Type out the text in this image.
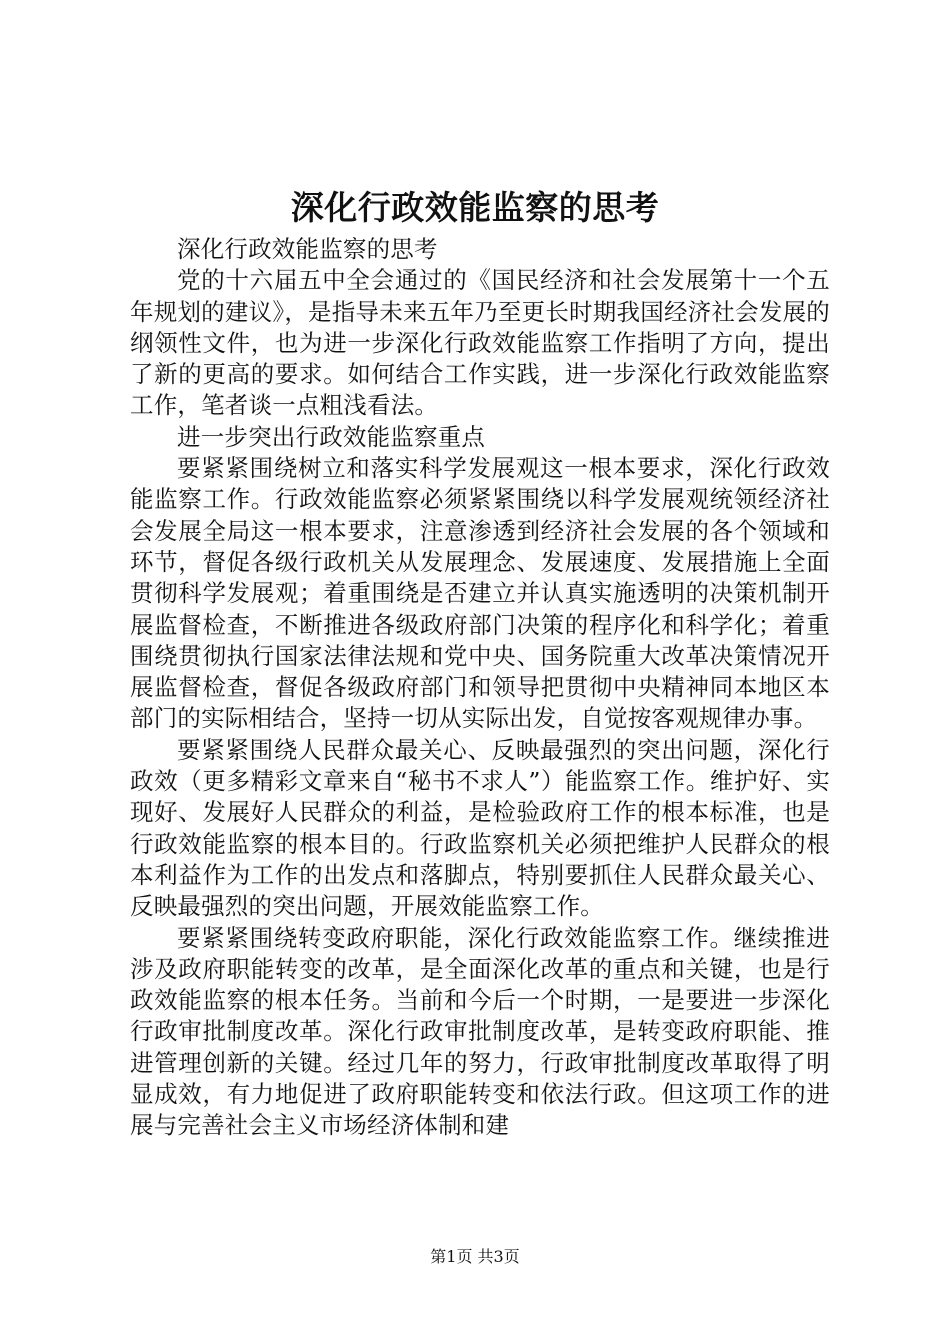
深化行政效能监察的思考

深化行政效能监察的思考

党的十六届五中全会通过的《国民经济和社会发展第十一个五年规划的建议》，是指导未来五年乃至更长时期我国经济社会发展的纲领性文件，也为进一步深化行政效能监察工作指明了方向，提出了新的更高的要求。如何结合工作实践，进一步深化行政效能监察工作，笔者谈一点粗浅看法。

进一步突出行政效能监察重点

要紧紧围绕树立和落实科学发展观这一根本要求，深化行政效能监察工作。行政效能监察必须紧紧围绕以科学发展观统领经济社会发展全局这一根本要求，注意渗透到经济社会发展的各个领域和环节，督促各级行政机关从发展理念、发展速度、发展措施上全面贯彻科学发展观；着重围绕是否建立并认真实施透明的决策机制开展监督检查，不断推进各级政府部门决策的程序化和科学化；着重围绕贯彻执行国家法律法规和党中央、国务院重大改革决策情况开展监督检查，督促各级政府部门和领导把贯彻中央精神同本地区本部门的实际相结合，坚持一切从实际出发，自觉按客观规律办事。

要紧紧围绕人民群众最关心、反映最强烈的突出问题，深化行政效（更多精彩文章来自“秘书不求人”）能监察工作。维护好、实现好、发展好人民群众的利益，是检验政府工作的根本标准，也是行政效能监察的根本目的。行政监察机关必须把维护人民群众的根本利益作为工作的出发点和落脚点，特别要抓住人民群众最关心、反映最强烈的突出问题，开展效能监察工作。

要紧紧围绕转变政府职能，深化行政效能监察工作。继续推进涉及政府职能转变的改革，是全面深化改革的重点和关键，也是行政效能监察的根本任务。当前和今后一个时期，一是要进一步深化行政审批制度改革。深化行政审批制度改革，是转变政府职能、推进管理创新的关键。经过几年的努力，行政审批制度改革取得了明显成效，有力地促进了政府职能转变和依法行政。但这项工作的进展与完善社会主义市场经济体制和建

第1页 共3页
